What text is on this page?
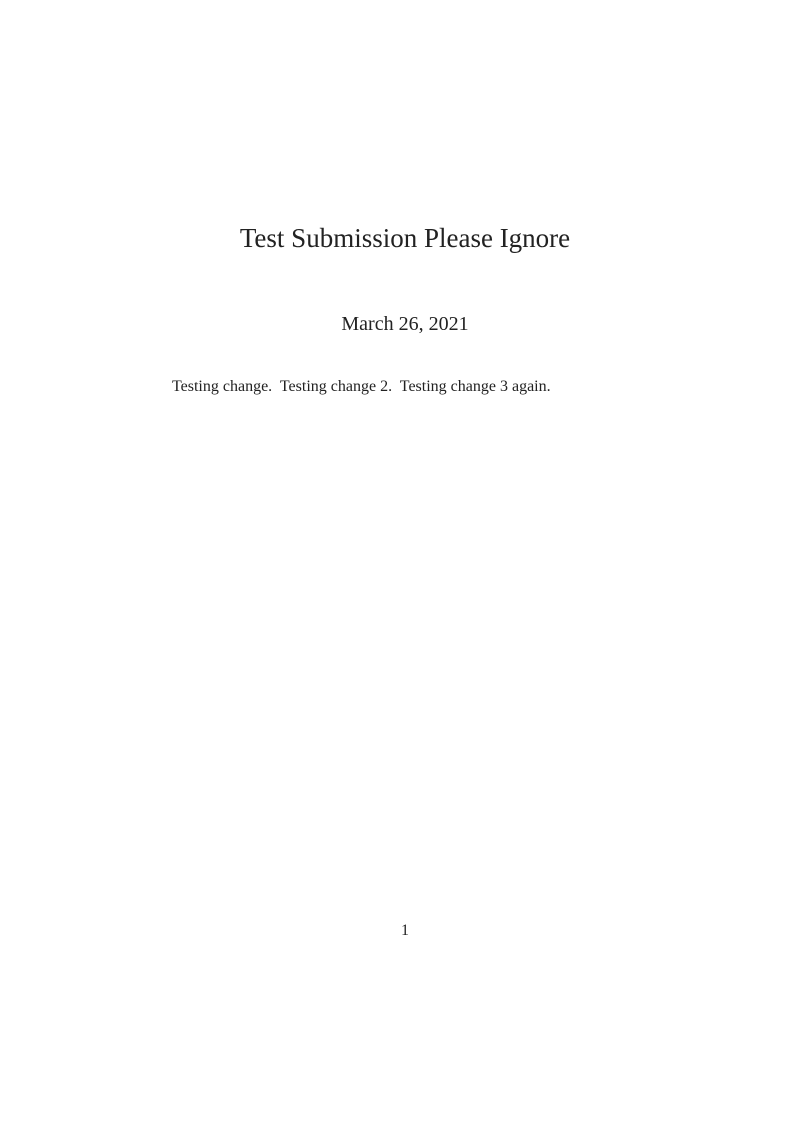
Test Submission Please Ignore
March 26, 2021

Testing change.  Testing change 2.  Testing change 3 again.

1
